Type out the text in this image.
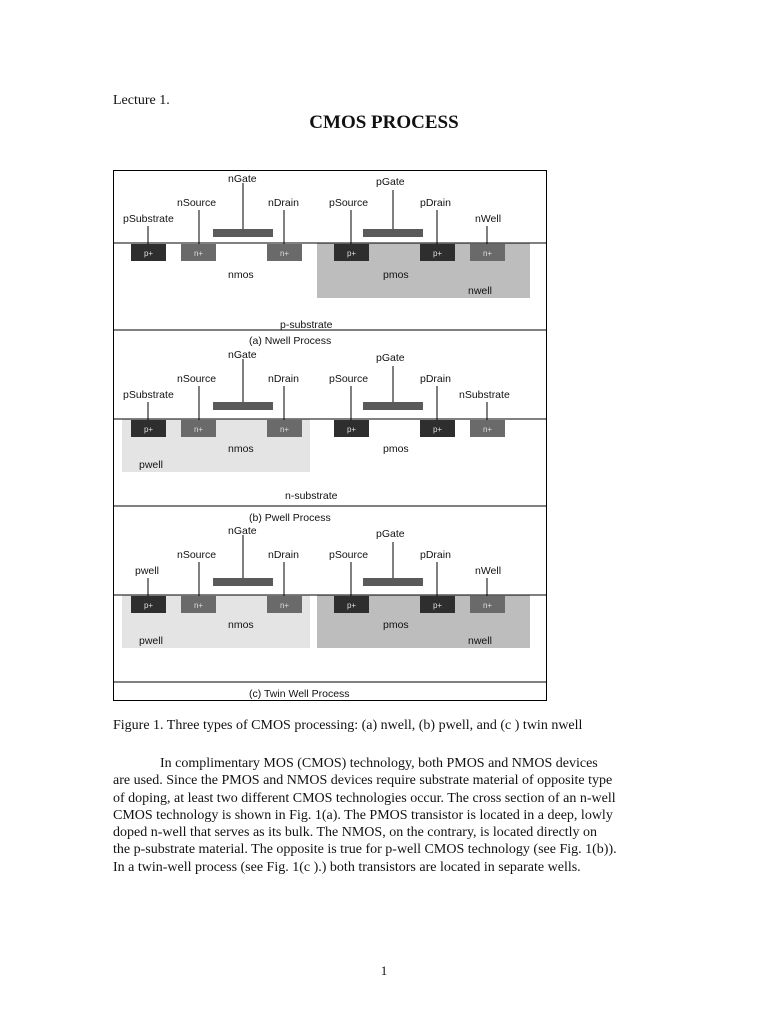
Lecture 1.
CMOS PROCESS
p+	n+	n+	p+	p+	n+
pSubstrate
nSource
nGate
nDrain	pSource
pGate
pDrain
nWell
nmos	pmos
nwell
p-substrate
(a) Nwell Process
p+	n+	n+	p+	p+	n+
pSubstrate
nSource
nGate
nDrain	pSource
pGate
pDrain
nSubstrate
nmos	pmos
pwell
n-substrate
(b) Pwell Process
p+	n+	n+	p+	p+	n+
pwell
nSource
nGate
nDrain	pSource
pGate
pDrain
nWell
nmos	pmos
pwell	nwell
(c) Twin Well Process
Figure 1. Three types of CMOS processing: (a) nwell, (b) pwell, and (c ) twin nwell
In complimentary MOS (CMOS) technology, both PMOS and NMOS devices
are used. Since the PMOS and NMOS devices require substrate material of opposite type
of doping, at least two different CMOS technologies occur. The cross section of an n-well
CMOS technology is shown in Fig. 1(a). The PMOS transistor is located in a deep, lowly
doped n-well that serves as its bulk. The NMOS, on the contrary, is located directly on
the p-substrate material. The opposite is true for p-well CMOS technology (see Fig. 1(b)).
In a twin-well process (see Fig. 1(c ).) both transistors are located in separate wells.
1
